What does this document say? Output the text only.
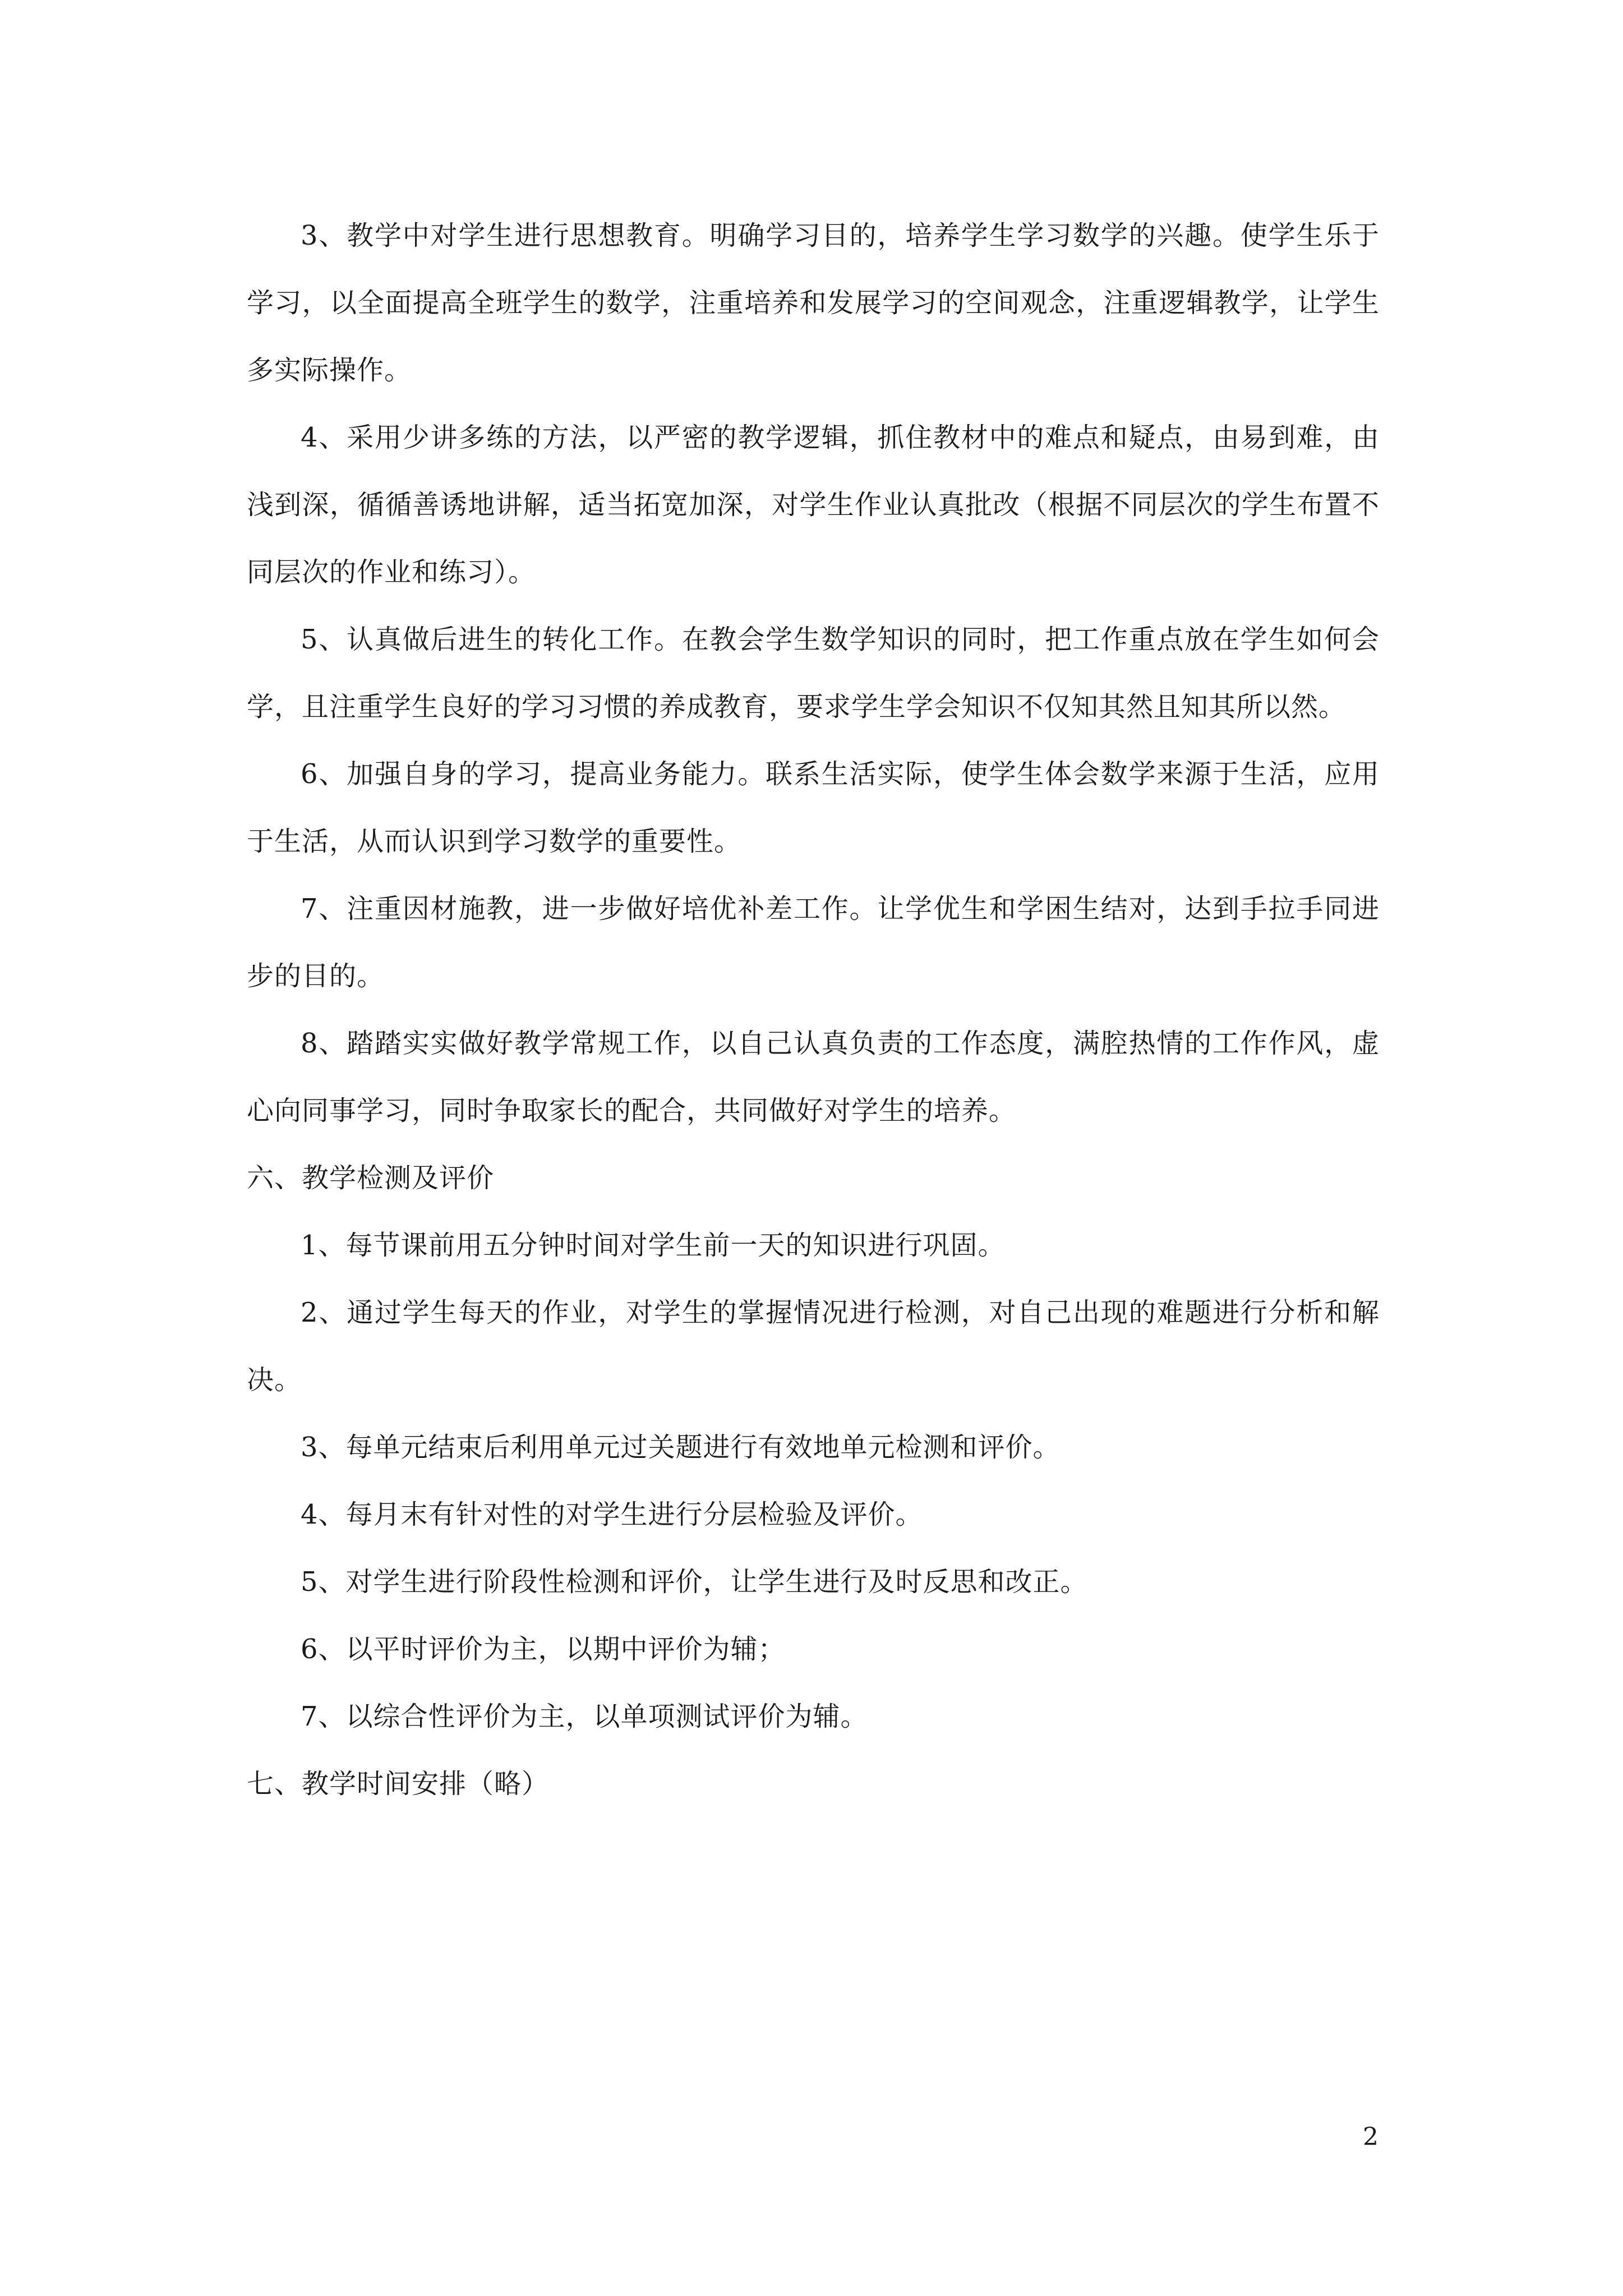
3、教学中对学生进行思想教育。明确学习目的，培养学生学习数学的兴趣。使学生乐于学习，以全面提高全班学生的数学，注重培养和发展学习的空间观念，注重逻辑教学，让学生多实际操作。

4、采用少讲多练的方法，以严密的教学逻辑，抓住教材中的难点和疑点，由易到难，由浅到深，循循善诱地讲解，适当拓宽加深，对学生作业认真批改（根据不同层次的学生布置不同层次的作业和练习）。

5、认真做后进生的转化工作。在教会学生数学知识的同时，把工作重点放在学生如何会学，且注重学生良好的学习习惯的养成教育，要求学生学会知识不仅知其然且知其所以然。

6、加强自身的学习，提高业务能力。联系生活实际，使学生体会数学来源于生活，应用于生活，从而认识到学习数学的重要性。

7、注重因材施教，进一步做好培优补差工作。让学优生和学困生结对，达到手拉手同进步的目的。

8、踏踏实实做好教学常规工作，以自己认真负责的工作态度，满腔热情的工作作风，虚心向同事学习，同时争取家长的配合，共同做好对学生的培养。

六、教学检测及评价

1、每节课前用五分钟时间对学生前一天的知识进行巩固。

2、通过学生每天的作业，对学生的掌握情况进行检测，对自己出现的难题进行分析和解决。

3、每单元结束后利用单元过关题进行有效地单元检测和评价。

4、每月末有针对性的对学生进行分层检验及评价。

5、对学生进行阶段性检测和评价，让学生进行及时反思和改正。

6、以平时评价为主，以期中评价为辅；

7、以综合性评价为主，以单项测试评价为辅。

七、教学时间安排（略）

2
